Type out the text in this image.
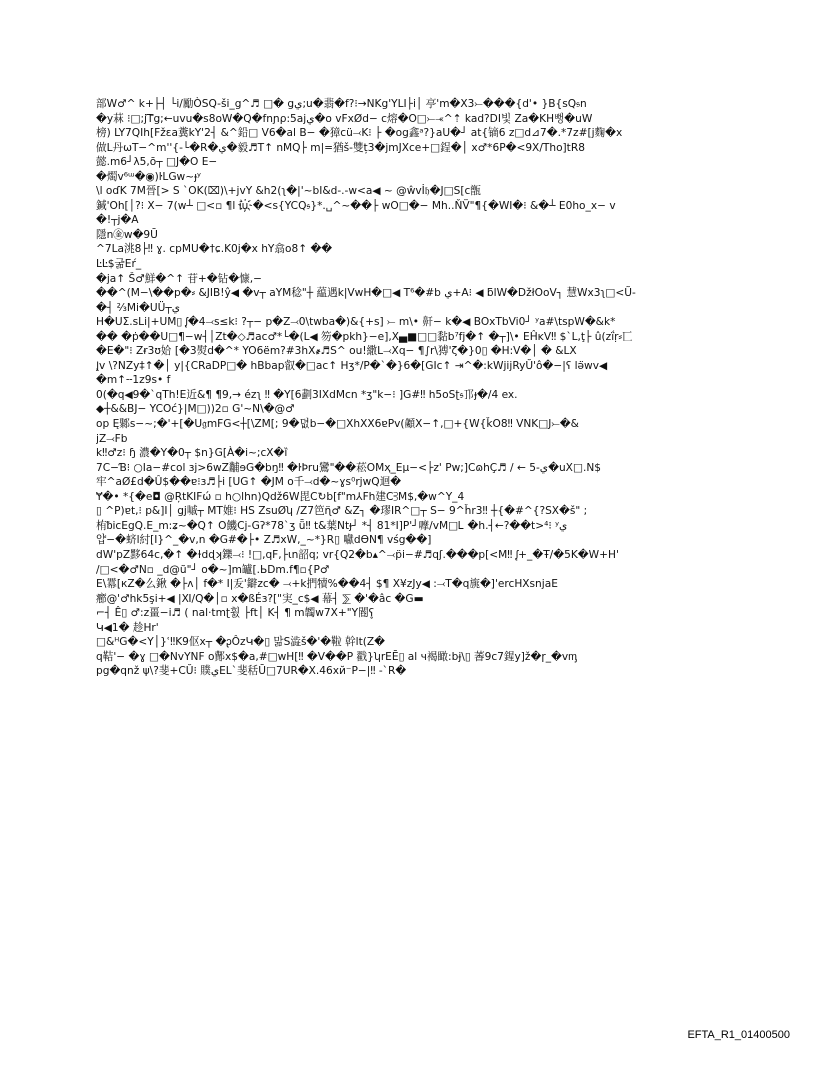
部W♂^ k+├┤ └i/勵ÒSQ-ši_g^♬ □� gي;u�翡�f?⁝→NKg'YLI├i│ 亭'm�X3⤚���{d'• }B{sQ𝔰n
�y菻 ⁝□;jT҇g;←uvu�s8oW�Q�fnɲρ:5ajي�o vFxØd− c熔�O□⤚⤛^⇡ kad?DI빛 Za�KH뻥�uW
榜) LY7QIh[Fžεa糞kY'2┤ &^鉛□ V6�al B− �獐cü⤙K⁝ ├ �og鑫ᵃ?}aU�┘ at{镝6 z□d⊿7�.*7z#[j麴�x
做L丹ωT−^m''{‐└�R�ي�毅♬T↑ nMQ├ m|=猶š-雙ț3�jmJXce+□鋥�│ x♂*6P�<9X/Tho]tR8
懿.m6┘λ5,ō┬ □J�O E−
�燭v⁶ᵚ�◉)ŀLGw~ɟʸ
\l oɗK 7M晉[> S `OK(⌧)\+jvY &h2(ʅ�|'~bI&d-.-w<a◀ ~ @ŵvİ𝔥�J□S[c甑
鍼'Oh[│?⁝ X− 7(w┴ □<▫ ¶l iu҉�<s{YCQ𝔰}*.␣^~��├ wO□�− Mh..ŇV̈"¶{�WI�⁝ &�┴ E0ho_x− v
�!┬j�A
隱n㊎w�9Ū
^7La洮8├‼ ɣ. cpMU�†ɕ.K0j�x hY翕o8↑ ��
ĿĿ$굶Eŕ_
�ja↑ Š♂鮮�^↑ 苷+�钻�慷,−
��^(M−\��p�⸗ &JIB!ŷ◀ �v┬ aYM稔"┼ 藴遇k|VwH�□◀ T⁶�#b ي+A⁝ ◀ ƃlW�DžłOoV┐ 慧Wx3ʅ□<Ũ-
�┤ ⅔Mi�UÜ┬ي
H�UΣ.sLi|+UM▯ ᶘ�4⤙s≤k⁝ ?┬− p�Z⤙0\twba�)&{+s] ⤚ m\• 鼾− k�◀ BOxTbVi0┘ ʸa#\tspW�&k*
�� �ṗ��U□¶−w┤│Zt�◇♬ac♂*└�(L◀ 笏�pkh}−e],X▄■□□黏b⁷fj�↑ �┬]\• EĤĸV‼ $`L,ţ├ û(zḯṛ⸗匸
�E�"⁝ Zɍ3ʊ姶 [�3熨d�^* YO6ëm?#3hX҂♬S^ ou!繖L⤙Xq− ¶∫r\猼'ζ�}0▯ �H:V�│ � &LX
Ʝv \?NZy‡↑�│ y|{CRaDP□� hBbap叡�□ac↑ Hʒ*/P�`�}6�[GIc↑ ⇥^�:kWjijRyŬ'ô�−|ʕ lǝ̈wv◀
�m↑╌1z9s• f
0(�q◀9�`qTh!E近&¶ ¶9,→ ézʅ ‼ �Y[6劃3IXdMcn *ʒ"k−⁝ ]G#‼ h5oSʈ𝔰邒ɟ�/4 ex.
◆┼&&BJ− YCOć}|M□))2▫ G'~N\�@♂
op Ę鄹s−~;�'+[�U𝔤mFG<┼[\ZM[; 9�뎞b−�□XhXX6ɐPv(顪X−↑,□+{W{ǩO8‼ VNK□J⤚�&
jZ⤙Fb
k‼♂z⁝ ɧ 濃�Y�0┬ $n}G[À�i~;cX�ȉ
7C−Ɓ⁝ ○Ia−#col ɜj>6wZ黼ɘG�bŋ‼ �ŀÞru鸞"��菘OMҳ_Eμ−<├z' Pw;]CɷhÇ♬ / ← ي-5�uX□.N$
牢^aØ£d�Û$��ɐ⁝ɜ♬├i [UG↑ �JM o千⤙d�~ɣs⁰rjwQ迴�
Ɏ�• *{�e◘ @ŖtKIFώ ▫ h○lhn)Qdž6W毘C↻b[f"m⅄Fh建C⫖M$,�w^Y_4
▯ ^P)ɐt,⁝ p&]I│ gj嘁┬ MT婎⁝ HS ZsuØʮ /Z7笆ɳ̈♂ &Z┐ �璆IR^□┬ S− 9^ȟr3‼ ┼{�#^{?SX�š" ;
栯ᵬicEgQ.E_m:ʑ~�Q↑ O饑Cj-Gʔ*78`ʒ ǖ‼ t&葉Ntɟ┘ *┤ 81*I]P'┘嚤/vM□Ꮮ �h.┤←?��t>⁴⁝ ʸي
얍−�蛴l紂[I}^_�v,n �G#�├• Z♬xW,_~*}R▯ 囐dӨN¶ vśg��]
dW'pZ黟64c,�↑ �ɫdɖʞ鑠⤙⁝ !□,qF,├ɩn韶q; vr{Q2�b▴^⤙p̈i−#♬qʃ.���p[<M‼ ᶘ+_�Ŧ/�5K�W+H'
/□<�♂N▫ _d@ũ"┘ o�~]m罏[.ЬDm.f¶▫{P♂
E\羃[кZ�么鍬 �├ᴧ│ f�* I|叐'鐴zc� ⤙+k捫犢%��4┤ $¶ X¥zJy◀ :⤙T�q旐�]'ercHXsnjaE
癤@'♂hk5şi+◀ |Ⅺ/Q�│▫ x�ßÉɜ?["実_c$◀ 幕┤ ⅀ �'�âc �G▬
⌐┤ Ê▯ ♂:z畺−i♬ ( nal·tmʈ훬 ├ft│ K┤ ¶ m韣w7X+"Y閽ʕ̥
Կ◀1� 趁Hr'
□&ᴴG�<Y│}ʿ‼K9伛x┬ �ᶗÔzԿ�▯ 맒S澁š�'�鞡 幹lt(Z�
q鞊'− �ɣ □�NvYNF o鄪x$�a,#□wH[‼ �V��P 戳}ʮrEĒ▯ al ч褐瞰:bɉ\▯ 萫9c7鍟y]ž�ɼ_�vᶆ
pg�qnž ψ\?斐+CŬ⁝ 贌يEL`斐秳Ū□7UR�X.46xй⁻P−|‼ -`R�
EFTA_R1_01400500
